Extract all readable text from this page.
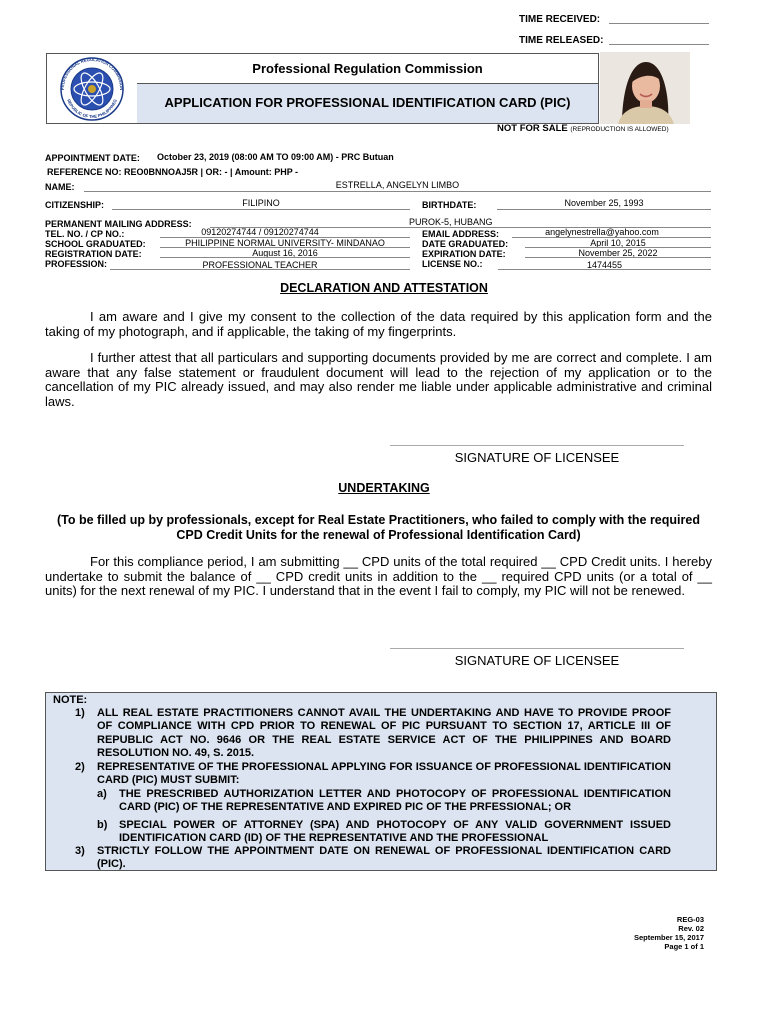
TIME RECEIVED:
TIME RELEASED:
PROFESSIONAL REGULATION COMMISSION
REPUBLIC OF THE PHILIPPINES
Professional Regulation Commission
APPLICATION FOR PROFESSIONAL IDENTIFICATION CARD (PIC)
NOT FOR SALE (REPRODUCTION IS ALLOWED)
APPOINTMENT DATE: October 23, 2019 (08:00 AM TO 09:00 AM) - PRC Butuan
REFERENCE NO: REO0BNNOAJ5R | OR: - | Amount: PHP -
NAME:	ESTRELLA, ANGELYN LIMBO
CITIZENSHIP:	FILIPINO	BIRTHDATE:	November 25, 1993
PERMANENT MAILING ADDRESS:	PUROK-5, HUBANG
TEL. NO. / CP NO.:	09120274744 / 09120274744	EMAIL ADDRESS:	angelynestrella@yahoo.com
SCHOOL GRADUATED:	PHILIPPINE NORMAL UNIVERSITY- MINDANAO	DATE GRADUATED:	April 10, 2015
REGISTRATION DATE:	August 16, 2016	EXPIRATION DATE:	November 25, 2022
PROFESSION:	PROFESSIONAL TEACHER	LICENSE NO.:	1474455
DECLARATION AND ATTESTATION
I am aware and I give my consent to the collection of the data required by this application form and the taking of my photograph, and if applicable, the taking of my fingerprints.
I further attest that all particulars and supporting documents provided by me are correct and complete. I am aware that any false statement or fraudulent document will lead to the rejection of my application or to the cancellation of my PIC already issued, and may also render me liable under applicable administrative and criminal laws.
SIGNATURE OF LICENSEE
UNDERTAKING
(To be filled up by professionals, except for Real Estate Practitioners, who failed to comply with the required CPD Credit Units for the renewal of Professional Identification Card)
For this compliance period, I am submitting __ CPD units of the total required __ CPD Credit units. I hereby undertake to submit the balance of __ CPD credit units in addition to the __ required CPD units (or a total of __ units) for the next renewal of my PIC. I understand that in the event I fail to comply, my PIC will not be renewed.
SIGNATURE OF LICENSEE
NOTE:
1) ALL REAL ESTATE PRACTITIONERS CANNOT AVAIL THE UNDERTAKING AND HAVE TO PROVIDE PROOF OF COMPLIANCE WITH CPD PRIOR TO RENEWAL OF PIC PURSUANT TO SECTION 17, ARTICLE III OF REPUBLIC ACT NO. 9646 OR THE REAL ESTATE SERVICE ACT OF THE PHILIPPINES AND BOARD RESOLUTION NO. 49, S. 2015.
2) REPRESENTATIVE OF THE PROFESSIONAL APPLYING FOR ISSUANCE OF PROFESSIONAL IDENTIFICATION CARD (PIC) MUST SUBMIT:
a) THE PRESCRIBED AUTHORIZATION LETTER AND PHOTOCOPY OF PROFESSIONAL IDENTIFICATION CARD (PIC) OF THE REPRESENTATIVE AND EXPIRED PIC OF THE PRFESSIONAL; OR
b) SPECIAL POWER OF ATTORNEY (SPA) AND PHOTOCOPY OF ANY VALID GOVERNMENT ISSUED IDENTIFICATION CARD (ID) OF THE REPRESENTATIVE AND THE PROFESSIONAL
3) STRICTLY FOLLOW THE APPOINTMENT DATE ON RENEWAL OF PROFESSIONAL IDENTIFICATION CARD (PIC).
REG-03
Rev. 02
September 15, 2017
Page 1 of 1
